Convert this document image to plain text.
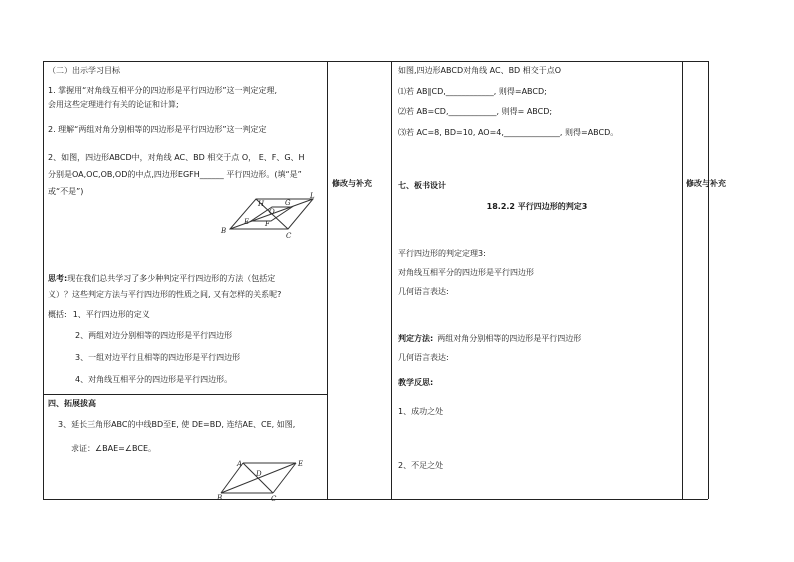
（二）出示学习目标
1. 掌握用“对角线互相平分的四边形是平行四边形”这一判定定理,
会用这些定理进行有关的论证和计算;
2. 理解“两组对角分别相等的四边形是平行四边形”这一判定定
2、如图，四边形ABCD中，对角线 AC、BD 相交于点 O， E、F、G、H
分别是OA,OC,OB,OD的中点,四边形EGFH______ 平行四边形。(填“是”
或“不是”)
B
C
L
H
O
G
E F
思考:现在我们总共学习了多少种判定平行四边形的方法（包括定
义）？这些判定方法与平行四边形的性质之间, 又有怎样的关系呢?
概括: 1、平行四边形的定义
2、两组对边分别相等的四边形是平行四边形
3、一组对边平行且相等的四边形是平行四边形
4、对角线互相平分的四边形是平行四边形。
四、拓展拔高
3、延长三角形ABC的中线BD至E, 使 DE=BD, 连结AE、CE, 如图,
求证：∠BAE=∠BCE。
A	E
D
B	C
修改与补充
如图,四边形ABCD对角线 AC、BD 相交于点O
⑴若 AB∥CD,____________, 则得=ABCD;
⑵若 AB=CD,____________, 则得= ABCD;
⑶若 AC=8, BD=10, AO=4,______________, 则得=ABCD。
七、板书设计
18.2.2 平行四边形的判定3
平行四边形的判定定理3:
对角线互相平分的四边形是平行四边形
几何语言表达:
判定方法: 两组对角分别相等的四边形是平行四边形
几何语言表达:
教学反思:
1、成功之处
2、不足之处
修改与补充
